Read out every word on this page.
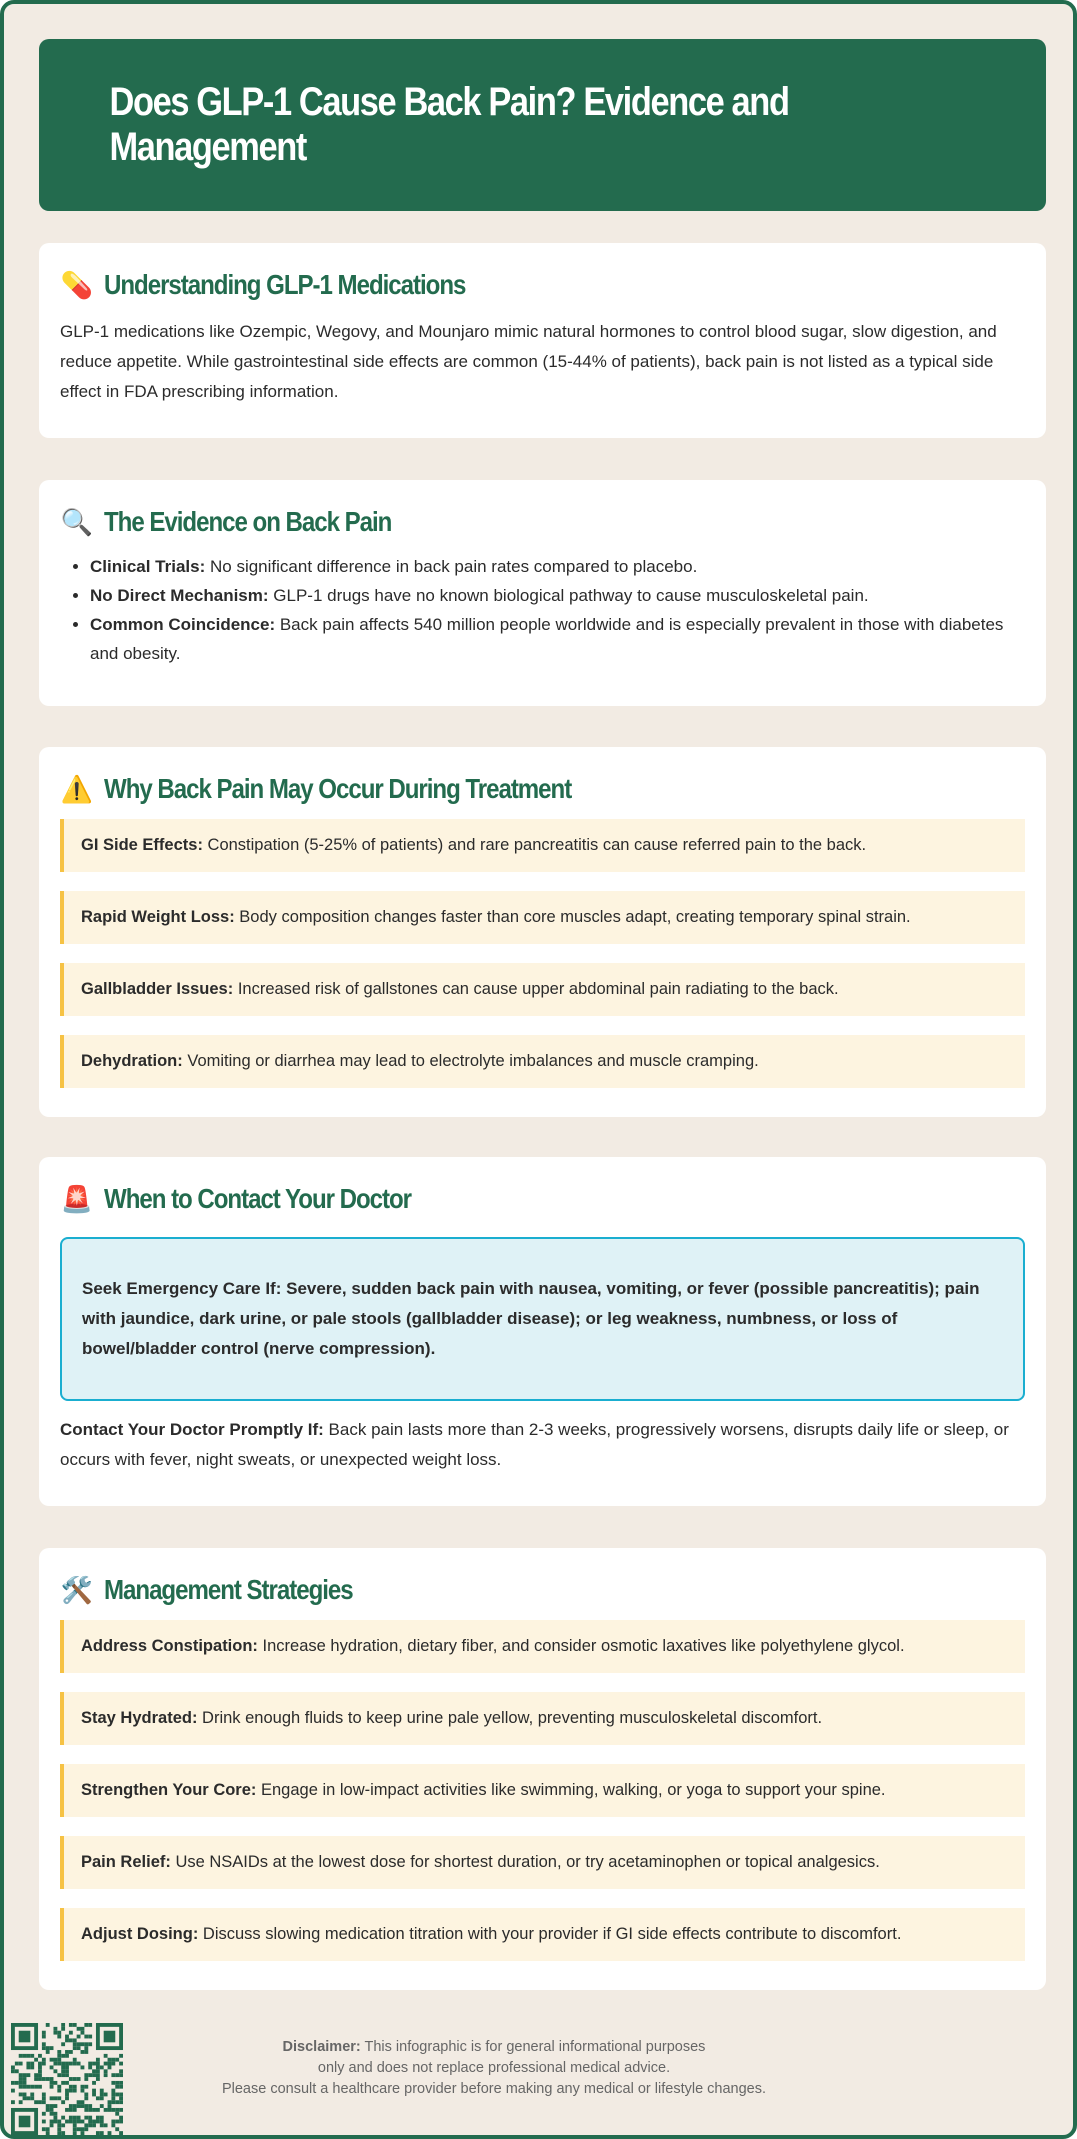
Does GLP-1 Cause Back Pain? Evidence and Management
💊 Understanding GLP-1 Medications

GLP-1 medications like Ozempic, Wegovy, and Mounjaro mimic natural hormones to control blood sugar, slow digestion, and reduce appetite. While gastrointestinal side effects are common (15-44% of patients), back pain is not listed as a typical side effect in FDA prescribing information.

🔍 The Evidence on Back Pain
• Clinical Trials: No significant difference in back pain rates compared to placebo.
• No Direct Mechanism: GLP-1 drugs have no known biological pathway to cause musculoskeletal pain.
• Common Coincidence: Back pain affects 540 million people worldwide and is especially prevalent in those with diabetes and obesity.
⚠️ Why Back Pain May Occur During Treatment
GI Side Effects: Constipation (5-25% of patients) and rare pancreatitis can cause referred pain to the back.
Rapid Weight Loss: Body composition changes faster than core muscles adapt, creating temporary spinal strain.
Gallbladder Issues: Increased risk of gallstones can cause upper abdominal pain radiating to the back.
Dehydration: Vomiting or diarrhea may lead to electrolyte imbalances and muscle cramping.
🚨 When to Contact Your Doctor
Seek Emergency Care If: Severe, sudden back pain with nausea, vomiting, or fever (possible pancreatitis); pain with jaundice, dark urine, or pale stools (gallbladder disease); or leg weakness, numbness, or loss of bowel/bladder control (nerve compression).

Contact Your Doctor Promptly If: Back pain lasts more than 2-3 weeks, progressively worsens, disrupts daily life or sleep, or occurs with fever, night sweats, or unexpected weight loss.

🛠️ Management Strategies
Address Constipation: Increase hydration, dietary fiber, and consider osmotic laxatives like polyethylene glycol.
Stay Hydrated: Drink enough fluids to keep urine pale yellow, preventing musculoskeletal discomfort.
Strengthen Your Core: Engage in low-impact activities like swimming, walking, or yoga to support your spine.
Pain Relief: Use NSAIDs at the lowest dose for shortest duration, or try acetaminophen or topical analgesics.
Adjust Dosing: Discuss slowing medication titration with your provider if GI side effects contribute to discomfort.
Disclaimer: This infographic is for general informational purposes
only and does not replace professional medical advice.
Please consult a healthcare provider before making any medical or lifestyle changes.
